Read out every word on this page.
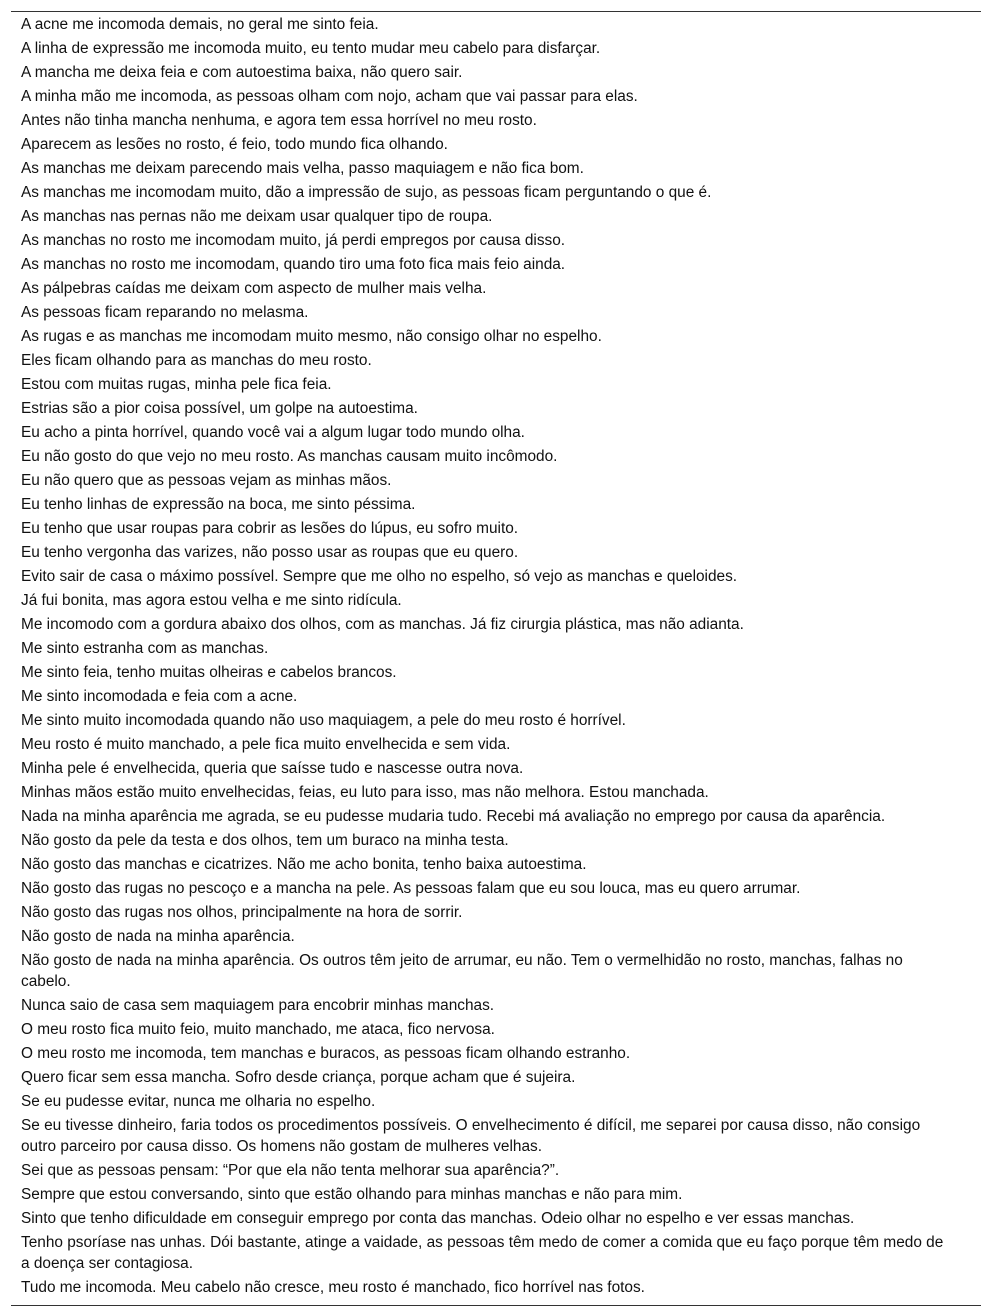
A acne me incomoda demais, no geral me sinto feia.
A linha de expressão me incomoda muito, eu tento mudar meu cabelo para disfarçar.
A mancha me deixa feia e com autoestima baixa, não quero sair.
A minha mão me incomoda, as pessoas olham com nojo, acham que vai passar para elas.
Antes não tinha mancha nenhuma, e agora tem essa horrível no meu rosto.
Aparecem as lesões no rosto, é feio, todo mundo fica olhando.
As manchas me deixam parecendo mais velha, passo maquiagem e não fica bom.
As manchas me incomodam muito, dão a impressão de sujo, as pessoas ficam perguntando o que é.
As manchas nas pernas não me deixam usar qualquer tipo de roupa.
As manchas no rosto me incomodam muito, já perdi empregos por causa disso.
As manchas no rosto me incomodam, quando tiro uma foto fica mais feio ainda.
As pálpebras caídas me deixam com aspecto de mulher mais velha.
As pessoas ficam reparando no melasma.
As rugas e as manchas me incomodam muito mesmo, não consigo olhar no espelho.
Eles ficam olhando para as manchas do meu rosto.
Estou com muitas rugas, minha pele fica feia.
Estrias são a pior coisa possível, um golpe na autoestima.
Eu acho a pinta horrível, quando você vai a algum lugar todo mundo olha.
Eu não gosto do que vejo no meu rosto. As manchas causam muito incômodo.
Eu não quero que as pessoas vejam as minhas mãos.
Eu tenho linhas de expressão na boca, me sinto péssima.
Eu tenho que usar roupas para cobrir as lesões do lúpus, eu sofro muito.
Eu tenho vergonha das varizes, não posso usar as roupas que eu quero.
Evito sair de casa o máximo possível. Sempre que me olho no espelho, só vejo as manchas e queloides.
Já fui bonita, mas agora estou velha e me sinto ridícula.
Me incomodo com a gordura abaixo dos olhos, com as manchas. Já fiz cirurgia plástica, mas não adianta.
Me sinto estranha com as manchas.
Me sinto feia, tenho muitas olheiras e cabelos brancos.
Me sinto incomodada e feia com a acne.
Me sinto muito incomodada quando não uso maquiagem, a pele do meu rosto é horrível.
Meu rosto é muito manchado, a pele fica muito envelhecida e sem vida.
Minha pele é envelhecida, queria que saísse tudo e nascesse outra nova.
Minhas mãos estão muito envelhecidas, feias, eu luto para isso, mas não melhora. Estou manchada.
Nada na minha aparência me agrada, se eu pudesse mudaria tudo. Recebi má avaliação no emprego por causa da aparência.
Não gosto da pele da testa e dos olhos, tem um buraco na minha testa.
Não gosto das manchas e cicatrizes. Não me acho bonita, tenho baixa autoestima.
Não gosto das rugas no pescoço e a mancha na pele. As pessoas falam que eu sou louca, mas eu quero arrumar.
Não gosto das rugas nos olhos, principalmente na hora de sorrir.
Não gosto de nada na minha aparência.
Não gosto de nada na minha aparência. Os outros têm jeito de arrumar, eu não. Tem o vermelhidão no rosto, manchas, falhas no cabelo.
Nunca saio de casa sem maquiagem para encobrir minhas manchas.
O meu rosto fica muito feio, muito manchado, me ataca, fico nervosa.
O meu rosto me incomoda, tem manchas e buracos, as pessoas ficam olhando estranho.
Quero ficar sem essa mancha. Sofro desde criança, porque acham que é sujeira.
Se eu pudesse evitar, nunca me olharia no espelho.
Se eu tivesse dinheiro, faria todos os procedimentos possíveis. O envelhecimento é difícil, me separei por causa disso, não consigo outro parceiro por causa disso. Os homens não gostam de mulheres velhas.
Sei que as pessoas pensam: “Por que ela não tenta melhorar sua aparência?”.
Sempre que estou conversando, sinto que estão olhando para minhas manchas e não para mim.
Sinto que tenho dificuldade em conseguir emprego por conta das manchas. Odeio olhar no espelho e ver essas manchas.
Tenho psoríase nas unhas. Dói bastante, atinge a vaidade, as pessoas têm medo de comer a comida que eu faço porque têm medo de a doença ser contagiosa.
Tudo me incomoda. Meu cabelo não cresce, meu rosto é manchado, fico horrível nas fotos.
